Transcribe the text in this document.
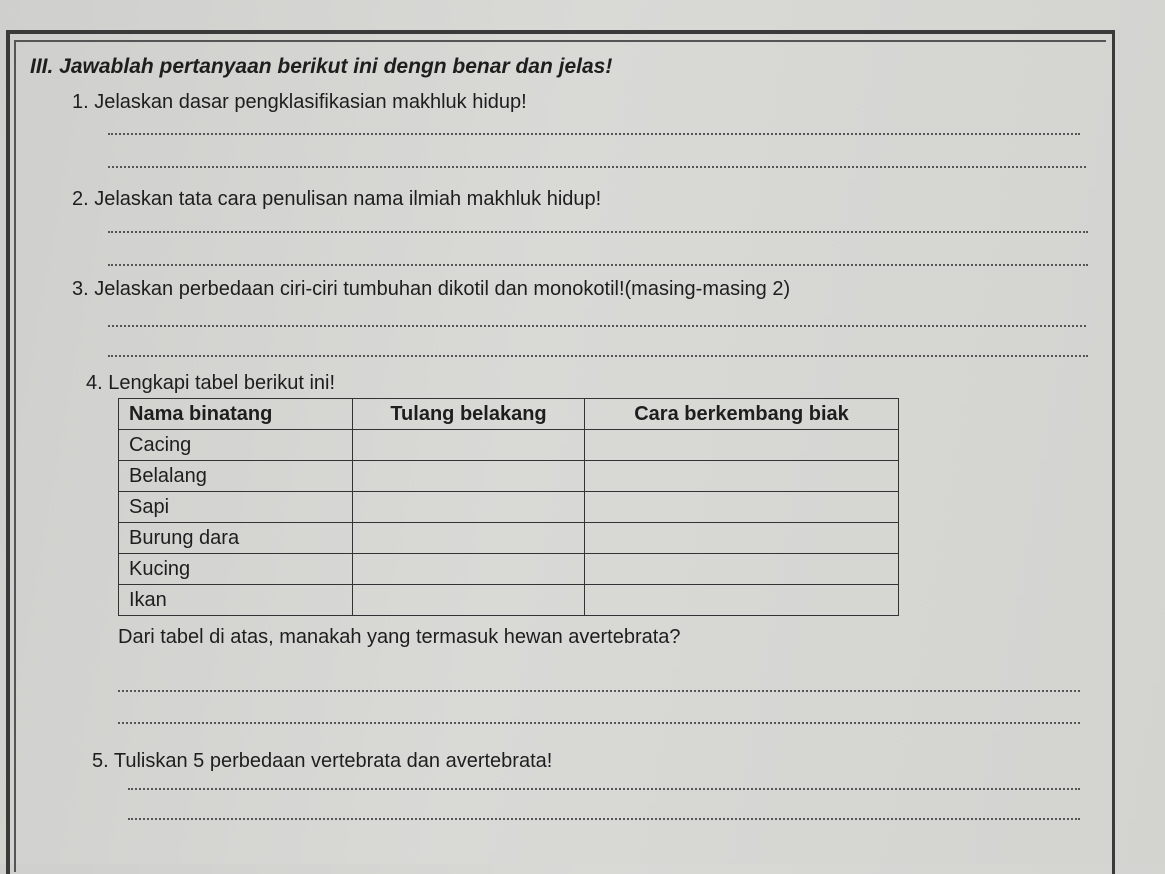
III. Jawablah pertanyaan berikut ini dengn benar dan jelas!
1. Jelaskan dasar pengklasifikasian makhluk hidup!
2. Jelaskan tata cara penulisan nama ilmiah makhluk hidup!
3. Jelaskan perbedaan ciri-ciri tumbuhan dikotil dan monokotil!(masing-masing 2)
4. Lengkapi tabel berikut ini!
Nama binatang	Tulang belakang	Cara berkembang biak
Cacing		
Belalang		
Sapi		
Burung dara		
Kucing		
Ikan		
Dari tabel di atas, manakah yang termasuk hewan avertebrata?
5. Tuliskan 5 perbedaan vertebrata dan avertebrata!
